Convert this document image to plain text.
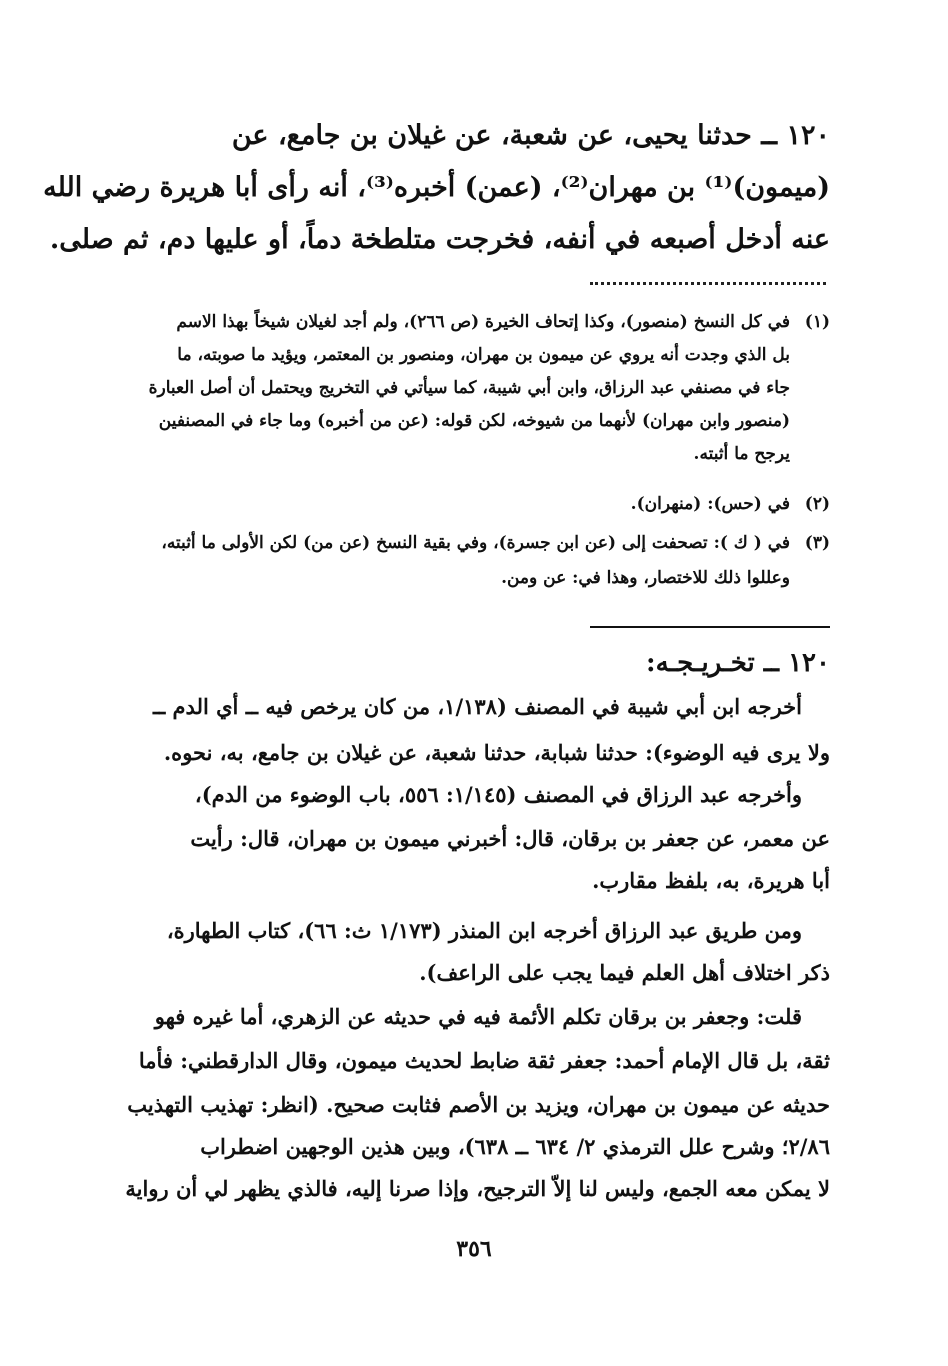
١٢٠ ــ حدثنا يحيى، عن شعبة، عن غيلان بن جامع، عن
(ميمون)⁽¹⁾ بن مهران⁽²⁾، (عمن) أخبره⁽³⁾، أنه رأى أبا هريرة رضي الله
عنه أدخل أصبعه في أنفه، فخرجت متلطخة دماً، أو عليها دم، ثم صلى.
(١)في كل النسخ (منصور)، وكذا إتحاف الخيرة (ص ٢٦٦)، ولم أجد لغيلان شيخاً بهذا الاسم
بل الذي وجدت أنه يروي عن ميمون بن مهران، ومنصور بن المعتمر، ويؤيد ما صوبته، ما
جاء في مصنفي عبد الرزاق، وابن أبي شيبة، كما سيأتي في التخريج ويحتمل أن أصل العبارة
(منصور وابن مهران) لأنهما من شيوخه، لكن قوله: (عن من أخبره) وما جاء في المصنفين
يرجح ما أثبته.
(٢)في (حس): (منهران).
(٣)في ( ك ): تصحفت إلى (عن ابن جسرة)، وفي بقية النسخ (عن من) لكن الأولى ما أثبته،
وعللوا ذلك للاختصار، وهذا في: عن ومن.
١٢٠ ــ تخـريـجـه:
أخرجه ابن أبي شيبة في المصنف (١/١٣٨، من كان يرخص فيه ــ أي الدم ــ
ولا يرى فيه الوضوء): حدثنا شبابة، حدثنا شعبة، عن غيلان بن جامع، به، نحوه.
وأخرجه عبد الرزاق في المصنف (١/١٤٥: ٥٥٦، باب الوضوء من الدم)،
عن معمر، عن جعفر بن برقان، قال: أخبرني ميمون بن مهران، قال: رأيت
أبا هريرة، به، بلفظ مقارب.
ومن طريق عبد الرزاق أخرجه ابن المنذر (١/١٧٣ ث: ٦٦)، كتاب الطهارة،
ذكر اختلاف أهل العلم فيما يجب على الراعف).
قلت: وجعفر بن برقان تكلم الأئمة فيه في حديثه عن الزهري، أما غيره فهو
ثقة، بل قال الإمام أحمد: جعفر ثقة ضابط لحديث ميمون، وقال الدارقطني: فأما
حديثه عن ميمون بن مهران، ويزيد بن الأصم فثابت صحيح. (انظر: تهذيب التهذيب
٢/٨٦؛ وشرح علل الترمذي ٢/ ٦٣٤ ــ ٦٣٨)، وبين هذين الوجهين اضطراب
لا يمكن معه الجمع، وليس لنا إلاّ الترجيح، وإذا صرنا إليه، فالذي يظهر لي أن رواية
٣٥٦
